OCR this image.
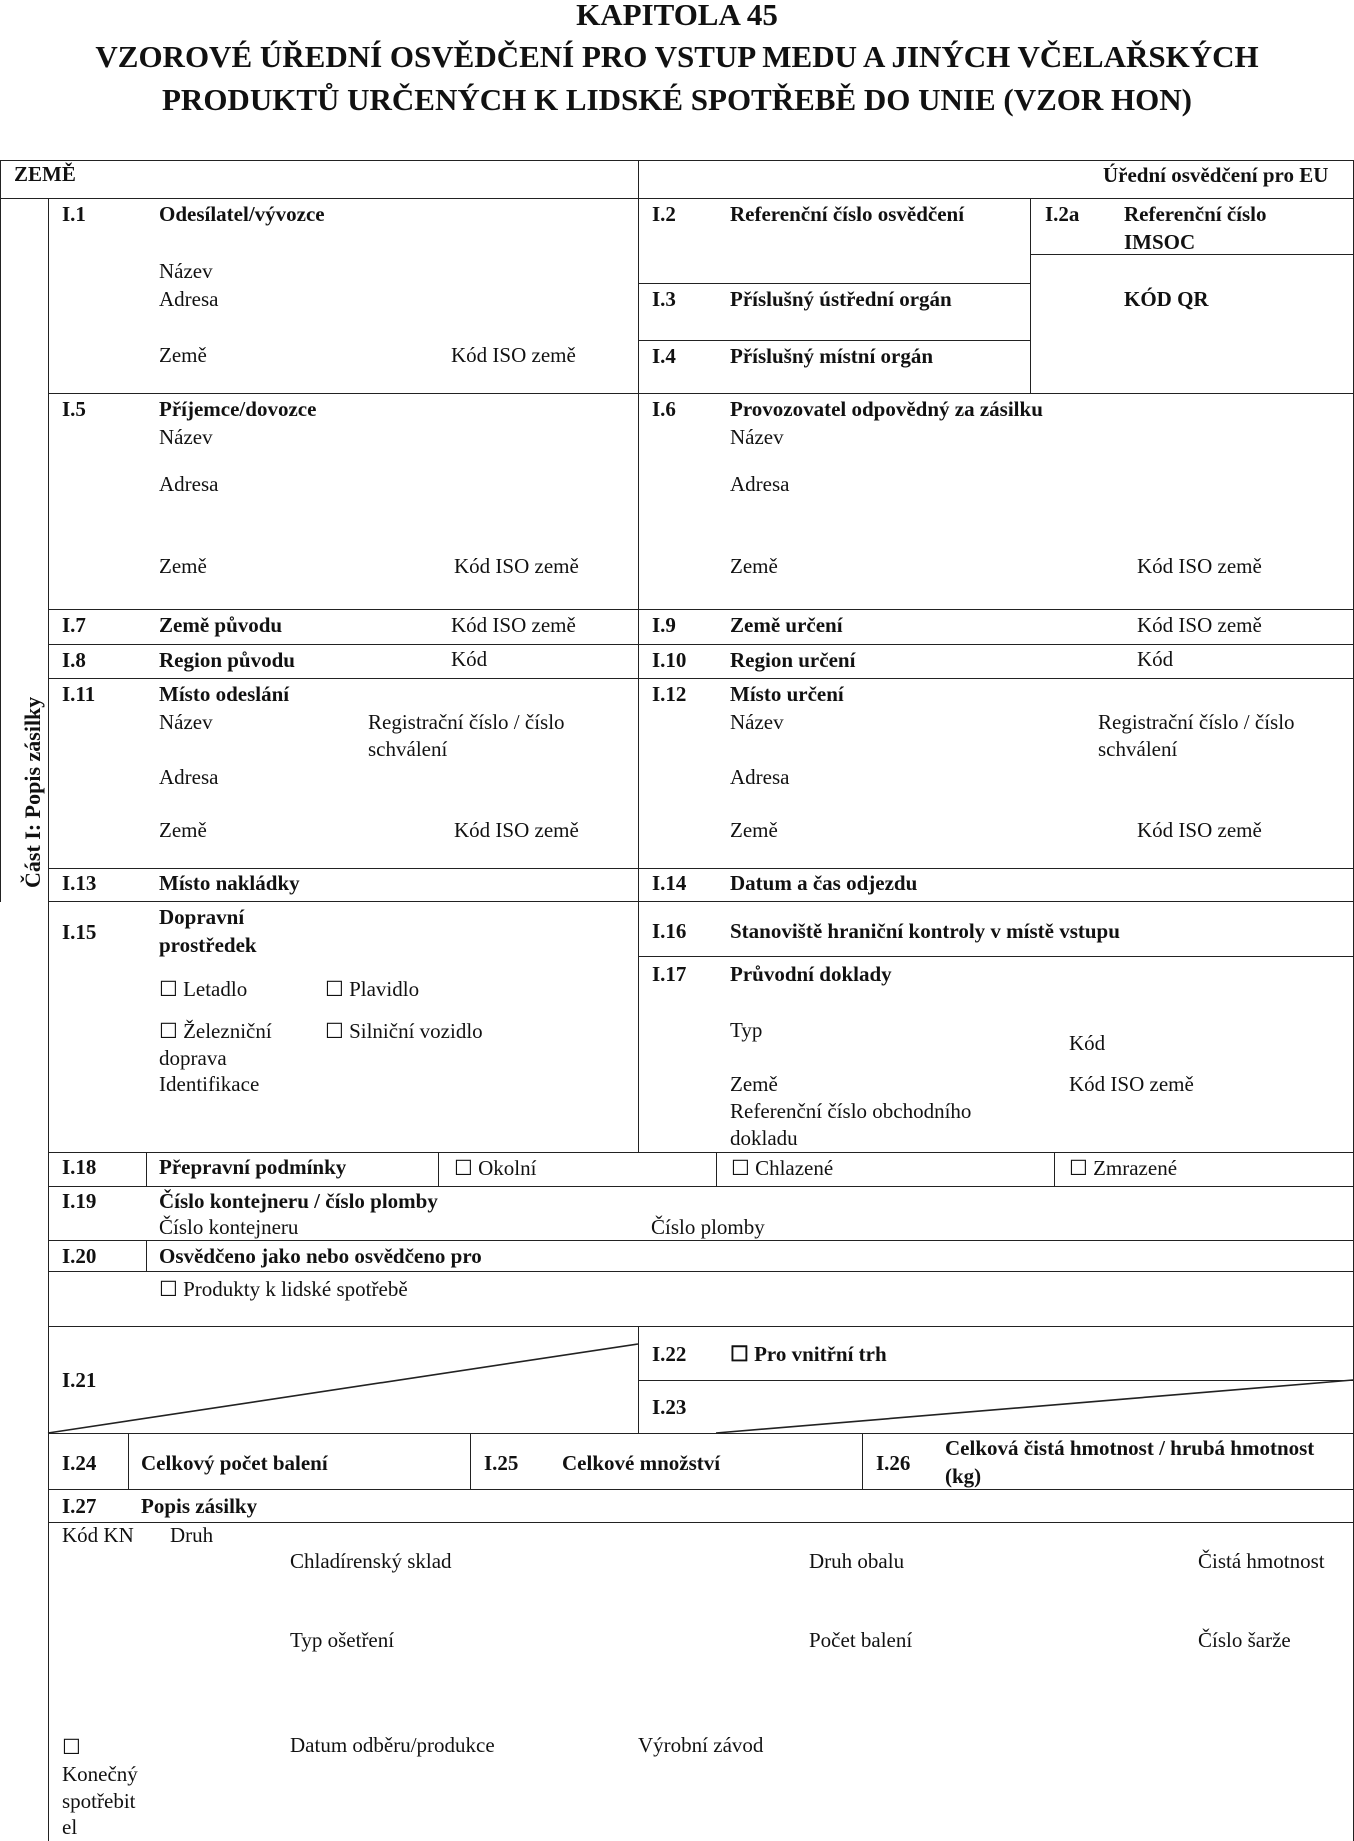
KAPITOLA 45
VZOROVÉ ÚŘEDNÍ OSVĚDČENÍ PRO VSTUP MEDU A JINÝCH VČELAŘSKÝCH
PRODUKTŮ URČENÝCH K LIDSKÉ SPOTŘEBĚ DO UNIE (VZOR HON)
ZEMĚ	Úřední osvědčení pro EU
Část I: Popis zásilky
I.1	Odesílatel/vývozce
Název
Adresa
Země	Kód ISO země
I.2	Referenční číslo osvědčení	I.2a Referenční číslo
IMSOC
KÓD QR
I.3	Příslušný ústřední orgán
I.4	Příslušný místní orgán
I.5	Příjemce/dovozce
Název
Adresa
Země	Kód ISO země
I.6	Provozovatel odpovědný za zásilku
Název
Adresa
Země	Kód ISO země
I.7	Země původu	Kód ISO země	I.9	Země určení	Kód ISO země
I.8	Region původu	Kód	I.10 Region určení	Kód
I.11	Místo odeslání
Název	Registrační číslo / číslo
schválení
Adresa
Země	Kód ISO země
I.12 Místo určení
Název	Registrační číslo / číslo
schválení
Adresa
Země	Kód ISO země
I.13	Místo nakládky	I.14 Datum a čas odjezdu
I.15
Dopravní
prostředek
☐ Letadlo	☐ Plavidlo
☐ Železniční
doprava
☐ Silniční vozidlo
Identifikace
I.16 Stanoviště hraniční kontroly v místě vstupu
I.17 Průvodní doklady
Typ
Kód
Země	Kód ISO země
Referenční číslo obchodního
dokladu
I.18	Přepravní podmínky	☐ Okolní	☐ Chlazené	☐ Zmrazené
I.19	Číslo kontejneru / číslo plomby
Číslo kontejneru	Číslo plomby
I.20	Osvědčeno jako nebo osvědčeno pro
☐ Produkty k lidské spotřebě
I.21
I.22 ☐ Pro vnitřní trh
I.23
I.24 Celkový počet balení	I.25 Celkové množství	I.26
Celková čistá hmotnost / hrubá hmotnost
(kg)
I.27 Popis zásilky
Kód KN Druh
Chladírenský sklad	Druh obalu	Čistá hmotnost
Typ ošetření	Počet balení	Číslo šarže
☐	Datum odběru/produkce	Výrobní závod
Konečný
spotřebit
el
